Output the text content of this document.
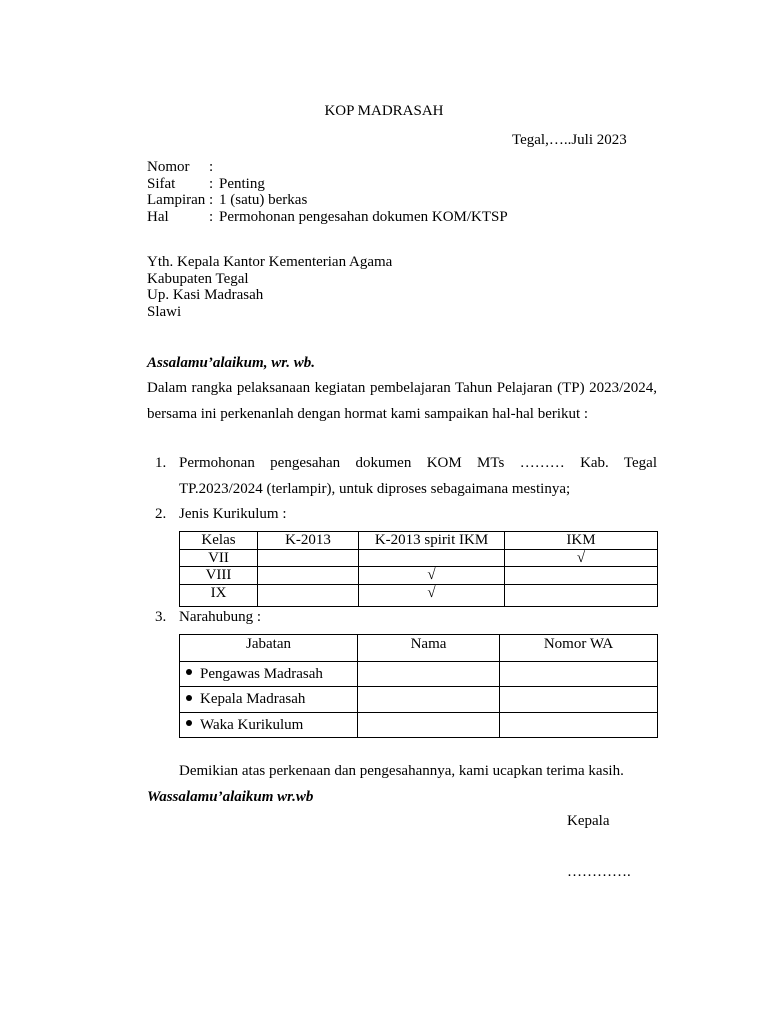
KOP MADRASAH
Tegal,…..Juli 2023
Nomor :
Sifat : Penting
Lampiran : 1 (satu) berkas
Hal	: Permohonan pengesahan dokumen KOM/KTSP
Yth. Kepala Kantor Kementerian Agama
Kabupaten Tegal
Up. Kasi Madrasah
Slawi
Assalamu’alaikum, wr. wb.
Dalam rangka pelaksanaan kegiatan pembelajaran Tahun Pelajaran (TP) 2023/2024, bersama ini perkenanlah dengan hormat kami sampaikan hal-hal berikut :
1. Permohonan pengesahan dokumen KOM MTs ……… Kab. Tegal TP.2023/2024 (terlampir), untuk diproses sebagaimana mestinya;
2. Jenis Kurikulum :
Kelas	K-2013	K-2013 spirit IKM	IKM
VII			√
VIII		√	
IX		√	
3. Narahubung :
Jabatan	Nama	Nomor WA
Pengawas Madrasah		
Kepala Madrasah		
Waka Kurikulum		
Demikian atas perkenaan dan pengesahannya, kami ucapkan terima kasih.
Wassalamu’alaikum wr.wb
Kepala
………….
